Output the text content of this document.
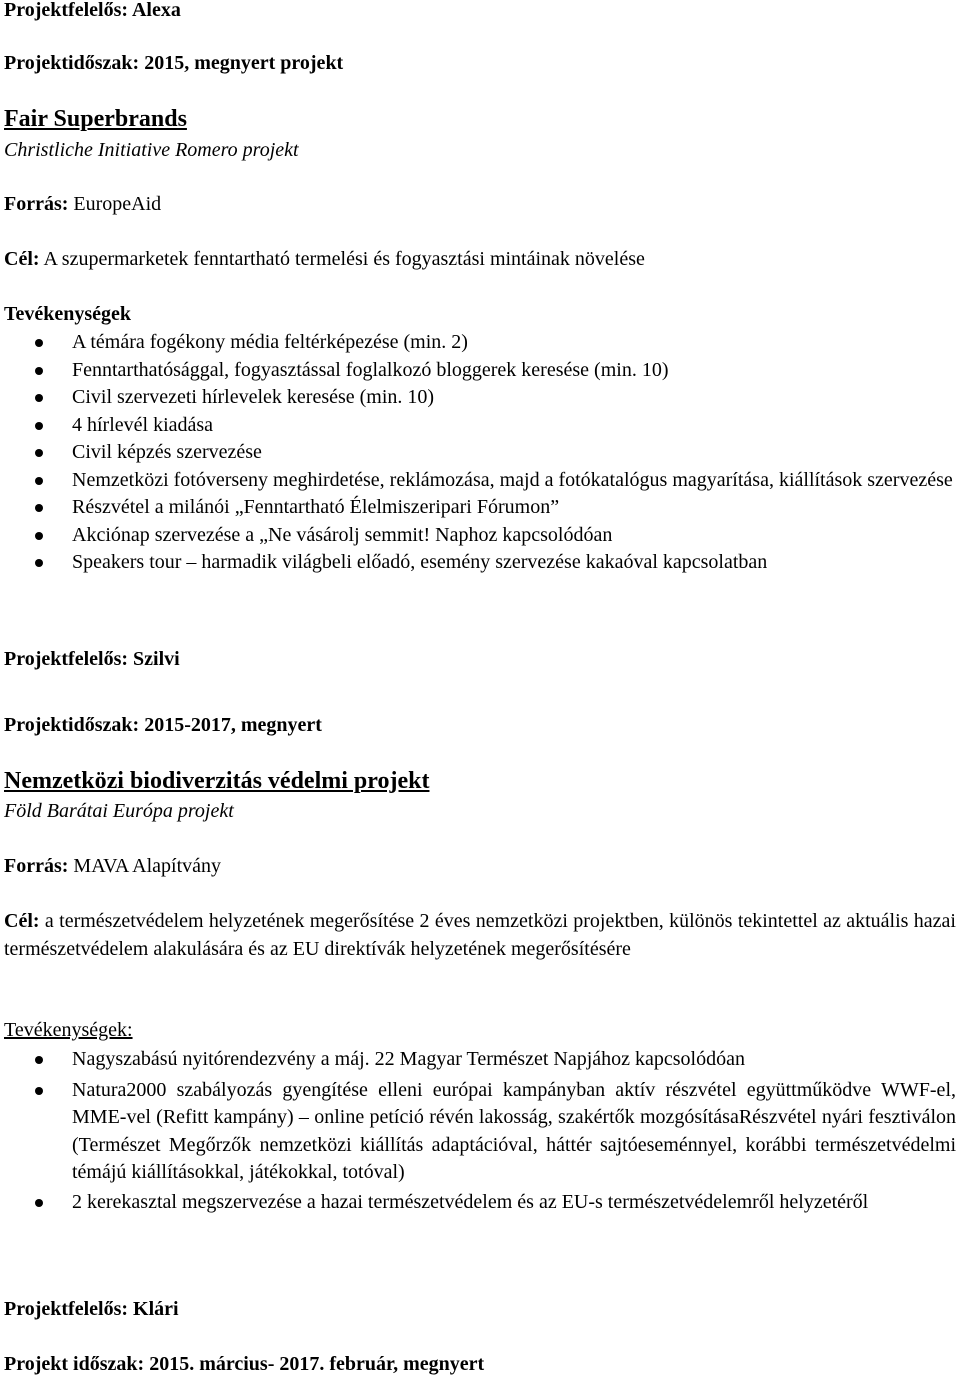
Projektfelelős: Alexa
Projektidőszak: 2015, megnyert projekt
Fair Superbrands
Christliche Initiative Romero projekt
Forrás: EuropeAid
Cél: A szupermarketek fenntartható termelési és fogyasztási mintáinak növelése
Tevékenységek
A témára fogékony média feltérképezése (min. 2)
Fenntarthatósággal, fogyasztással foglalkozó bloggerek keresése (min. 10)
Civil szervezeti hírlevelek keresése (min. 10)
4 hírlevél kiadása
Civil képzés szervezése
Nemzetközi fotóverseny meghirdetése, reklámozása, majd a fotókatalógus magyarítása, kiállítások szervezése
Részvétel a milánói „Fenntartható Élelmiszeripari Fórumon”
Akciónap szervezése a „Ne vásárolj semmit! Naphoz kapcsolódóan
Speakers tour – harmadik világbeli előadó, esemény szervezése kakaóval kapcsolatban
Projektfelelős: Szilvi
Projektidőszak: 2015-2017, megnyert
Nemzetközi biodiverzitás védelmi projekt
Föld Barátai Európa projekt
Forrás: MAVA Alapítvány
Cél: a természetvédelem helyzetének megerősítése 2 éves nemzetközi projektben, különös tekintettel az aktuális hazai természetvédelem alakulására és az EU direktívák helyzetének megerősítésére
Tevékenységek:
Nagyszabású nyitórendezvény a máj. 22 Magyar Természet Napjához kapcsolódóan
Natura2000 szabályozás gyengítése elleni európai kampányban aktív részvétel együttműködve WWF-el, MME-vel (Refitt kampány) – online petíció révén lakosság, szakértők mozgósításaRészvétel nyári fesztiválon (Természet Megőrzők nemzetközi kiállítás adaptációval, háttér sajtóeseménnyel, korábbi természetvédelmi témájú kiállításokkal, játékokkal, totóval)
2 kerekasztal megszervezése a hazai természetvédelem és az EU-s természetvédelemről helyzetéről
Projektfelelős: Klári
Projekt időszak: 2015. március- 2017. február, megnyert
